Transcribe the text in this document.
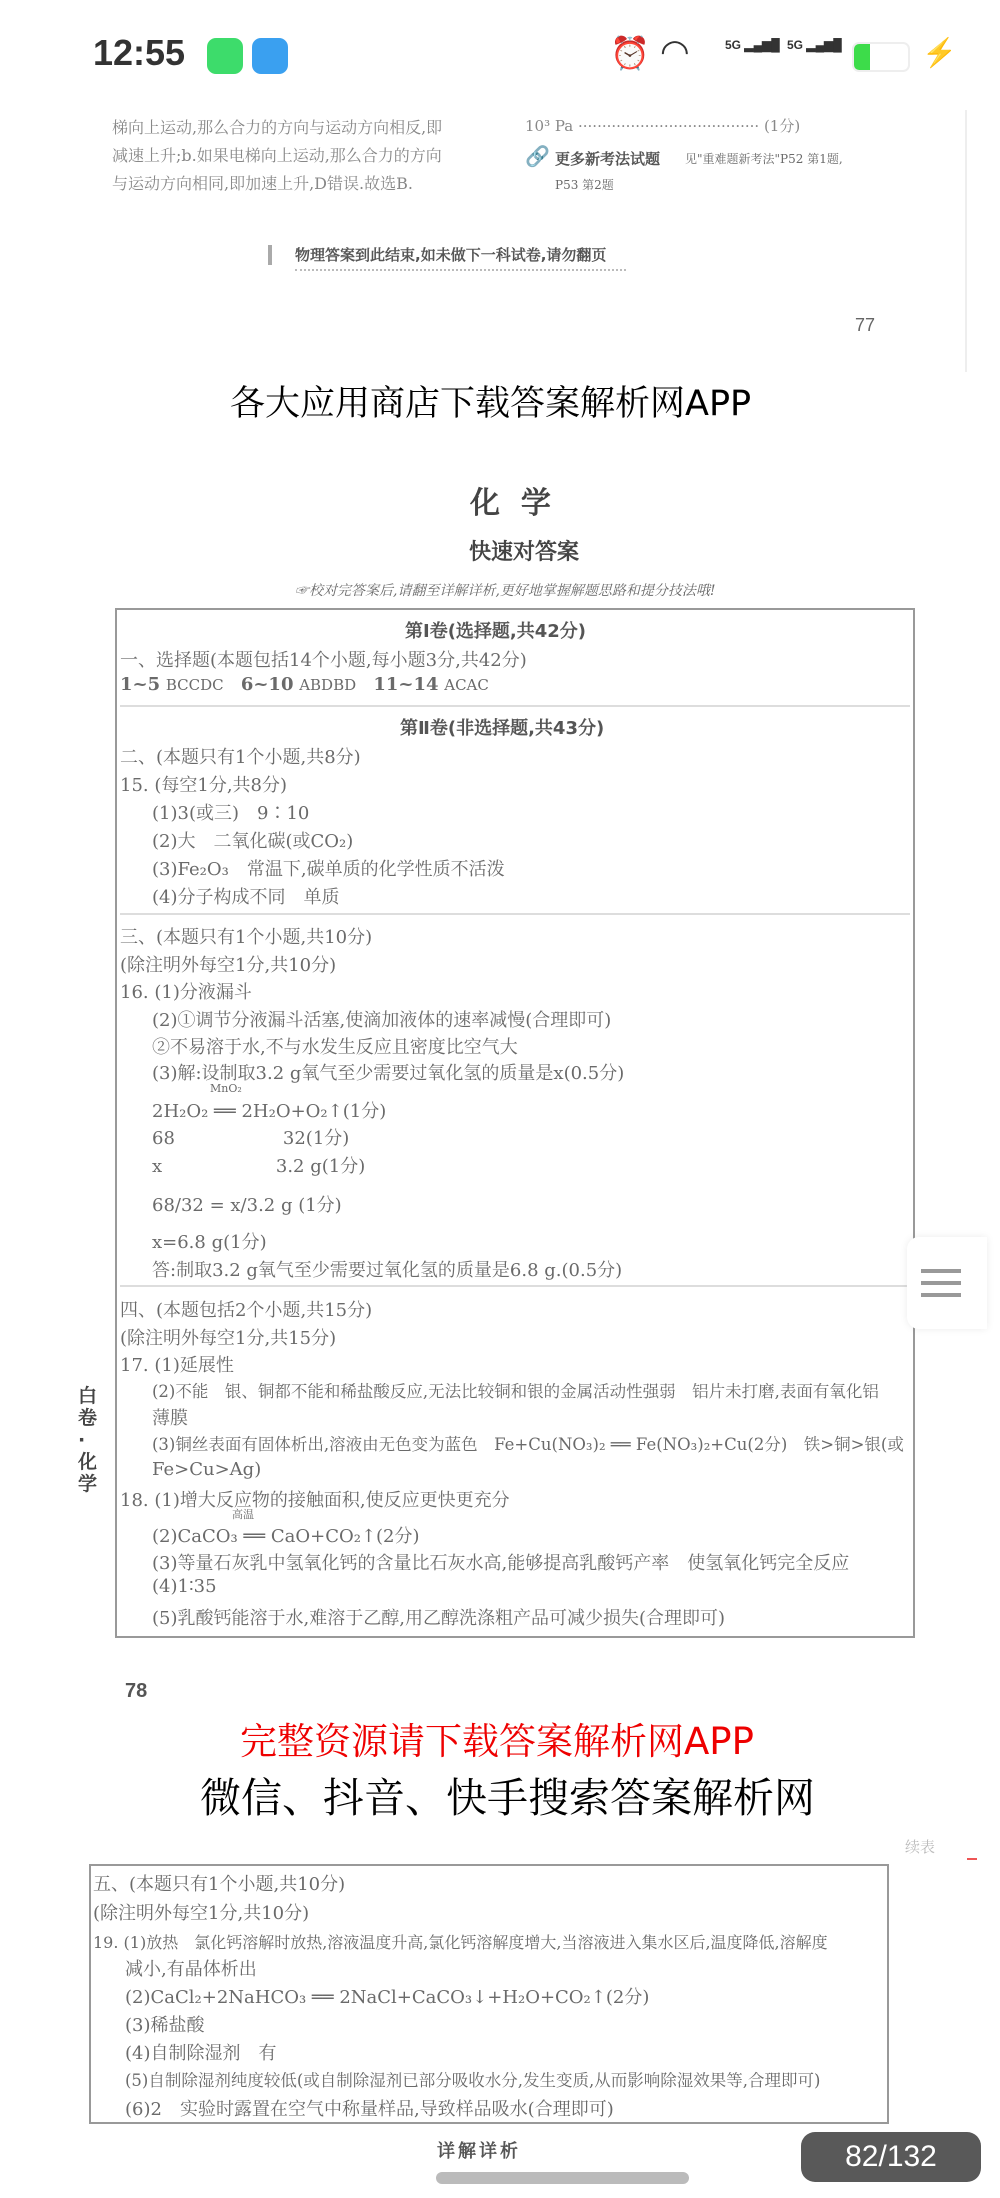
12:55	⏰ ◠	5G ▂▄▆█ 5G ▂▄▆█	⚡
梯向上运动,那么合力的方向与运动方向相反,即
减速上升;b.如果电梯向上运动,那么合力的方向
与运动方向相同,即加速上升,D错误.故选B.
10³ Pa ······································ (1分)
🔗 更多新考法试题 见"重难题新考法"P52 第1题,
P53 第2题
物理答案到此结束,如未做下一科试卷,请勿翻页
77
各大应用商店下载答案解析网APP
化  学
快速对答案
☞校对完答案后,请翻至详解详析,更好地掌握解题思路和提分技法哦!
第Ⅰ卷(选择题,共42分)
一、选择题(本题包括14个小题,每小题3分,共42分)
1~5 BCCDC 6~10 ABDBD 11~14 ACAC
第Ⅱ卷(非选择题,共43分)
二、(本题只有1个小题,共8分)
15. (每空1分,共8分)
(1)3(或三)　9∶10
(2)大　二氧化碳(或CO₂)
(3)Fe₂O₃　常温下,碳单质的化学性质不活泼
(4)分子构成不同　单质
三、(本题只有1个小题,共10分)
(除注明外每空1分,共10分)
16. (1)分液漏斗
(2)①调节分液漏斗活塞,使滴加液体的速率减慢(合理即可)
②不易溶于水,不与水发生反应且密度比空气大
(3)解:设制取3.2 g氧气至少需要过氧化氢的质量是x(0.5分)
MnO₂
2H₂O₂ ══ 2H₂O+O₂↑(1分)
68　　　　　　32(1分)
x　　　　　　 3.2 g(1分)
68/32 = x/3.2 g (1分)
x=6.8 g(1分)
答:制取3.2 g氧气至少需要过氧化氢的质量是6.8 g.(0.5分)
四、(本题包括2个小题,共15分)
(除注明外每空1分,共15分)
17. (1)延展性
(2)不能　银、铜都不能和稀盐酸反应,无法比较铜和银的金属活动性强弱　铝片未打磨,表面有氧化铝
薄膜
(3)铜丝表面有固体析出,溶液由无色变为蓝色　Fe+Cu(NO₃)₂ ══ Fe(NO₃)₂+Cu(2分)　铁>铜>银(或
Fe>Cu>Ag)
18. (1)增大反应物的接触面积,使反应更快更充分
高温
(2)CaCO₃ ══ CaO+CO₂↑(2分)
(3)等量石灰乳中氢氧化钙的含量比石灰水高,能够提高乳酸钙产率　使氢氧化钙完全反应
(4)1∶35
(5)乳酸钙能溶于水,难溶于乙醇,用乙醇洗涤粗产品可减少损失(合理即可)
白卷·化学
78
完整资源请下载答案解析网APP
微信、抖音、快手搜索答案解析网
续表
五、(本题只有1个小题,共10分)
(除注明外每空1分,共10分)
19. (1)放热　氯化钙溶解时放热,溶液温度升高,氯化钙溶解度增大,当溶液进入集水区后,温度降低,溶解度
减小,有晶体析出
(2)CaCl₂+2NaHCO₃ ══ 2NaCl+CaCO₃↓+H₂O+CO₂↑(2分)
(3)稀盐酸
(4)自制除湿剂　有
(5)自制除湿剂纯度较低(或自制除湿剂已部分吸收水分,发生变质,从而影响除湿效果等,合理即可)
(6)2　实验时露置在空气中称量样品,导致样品吸水(合理即可)
详解详析	82/132
